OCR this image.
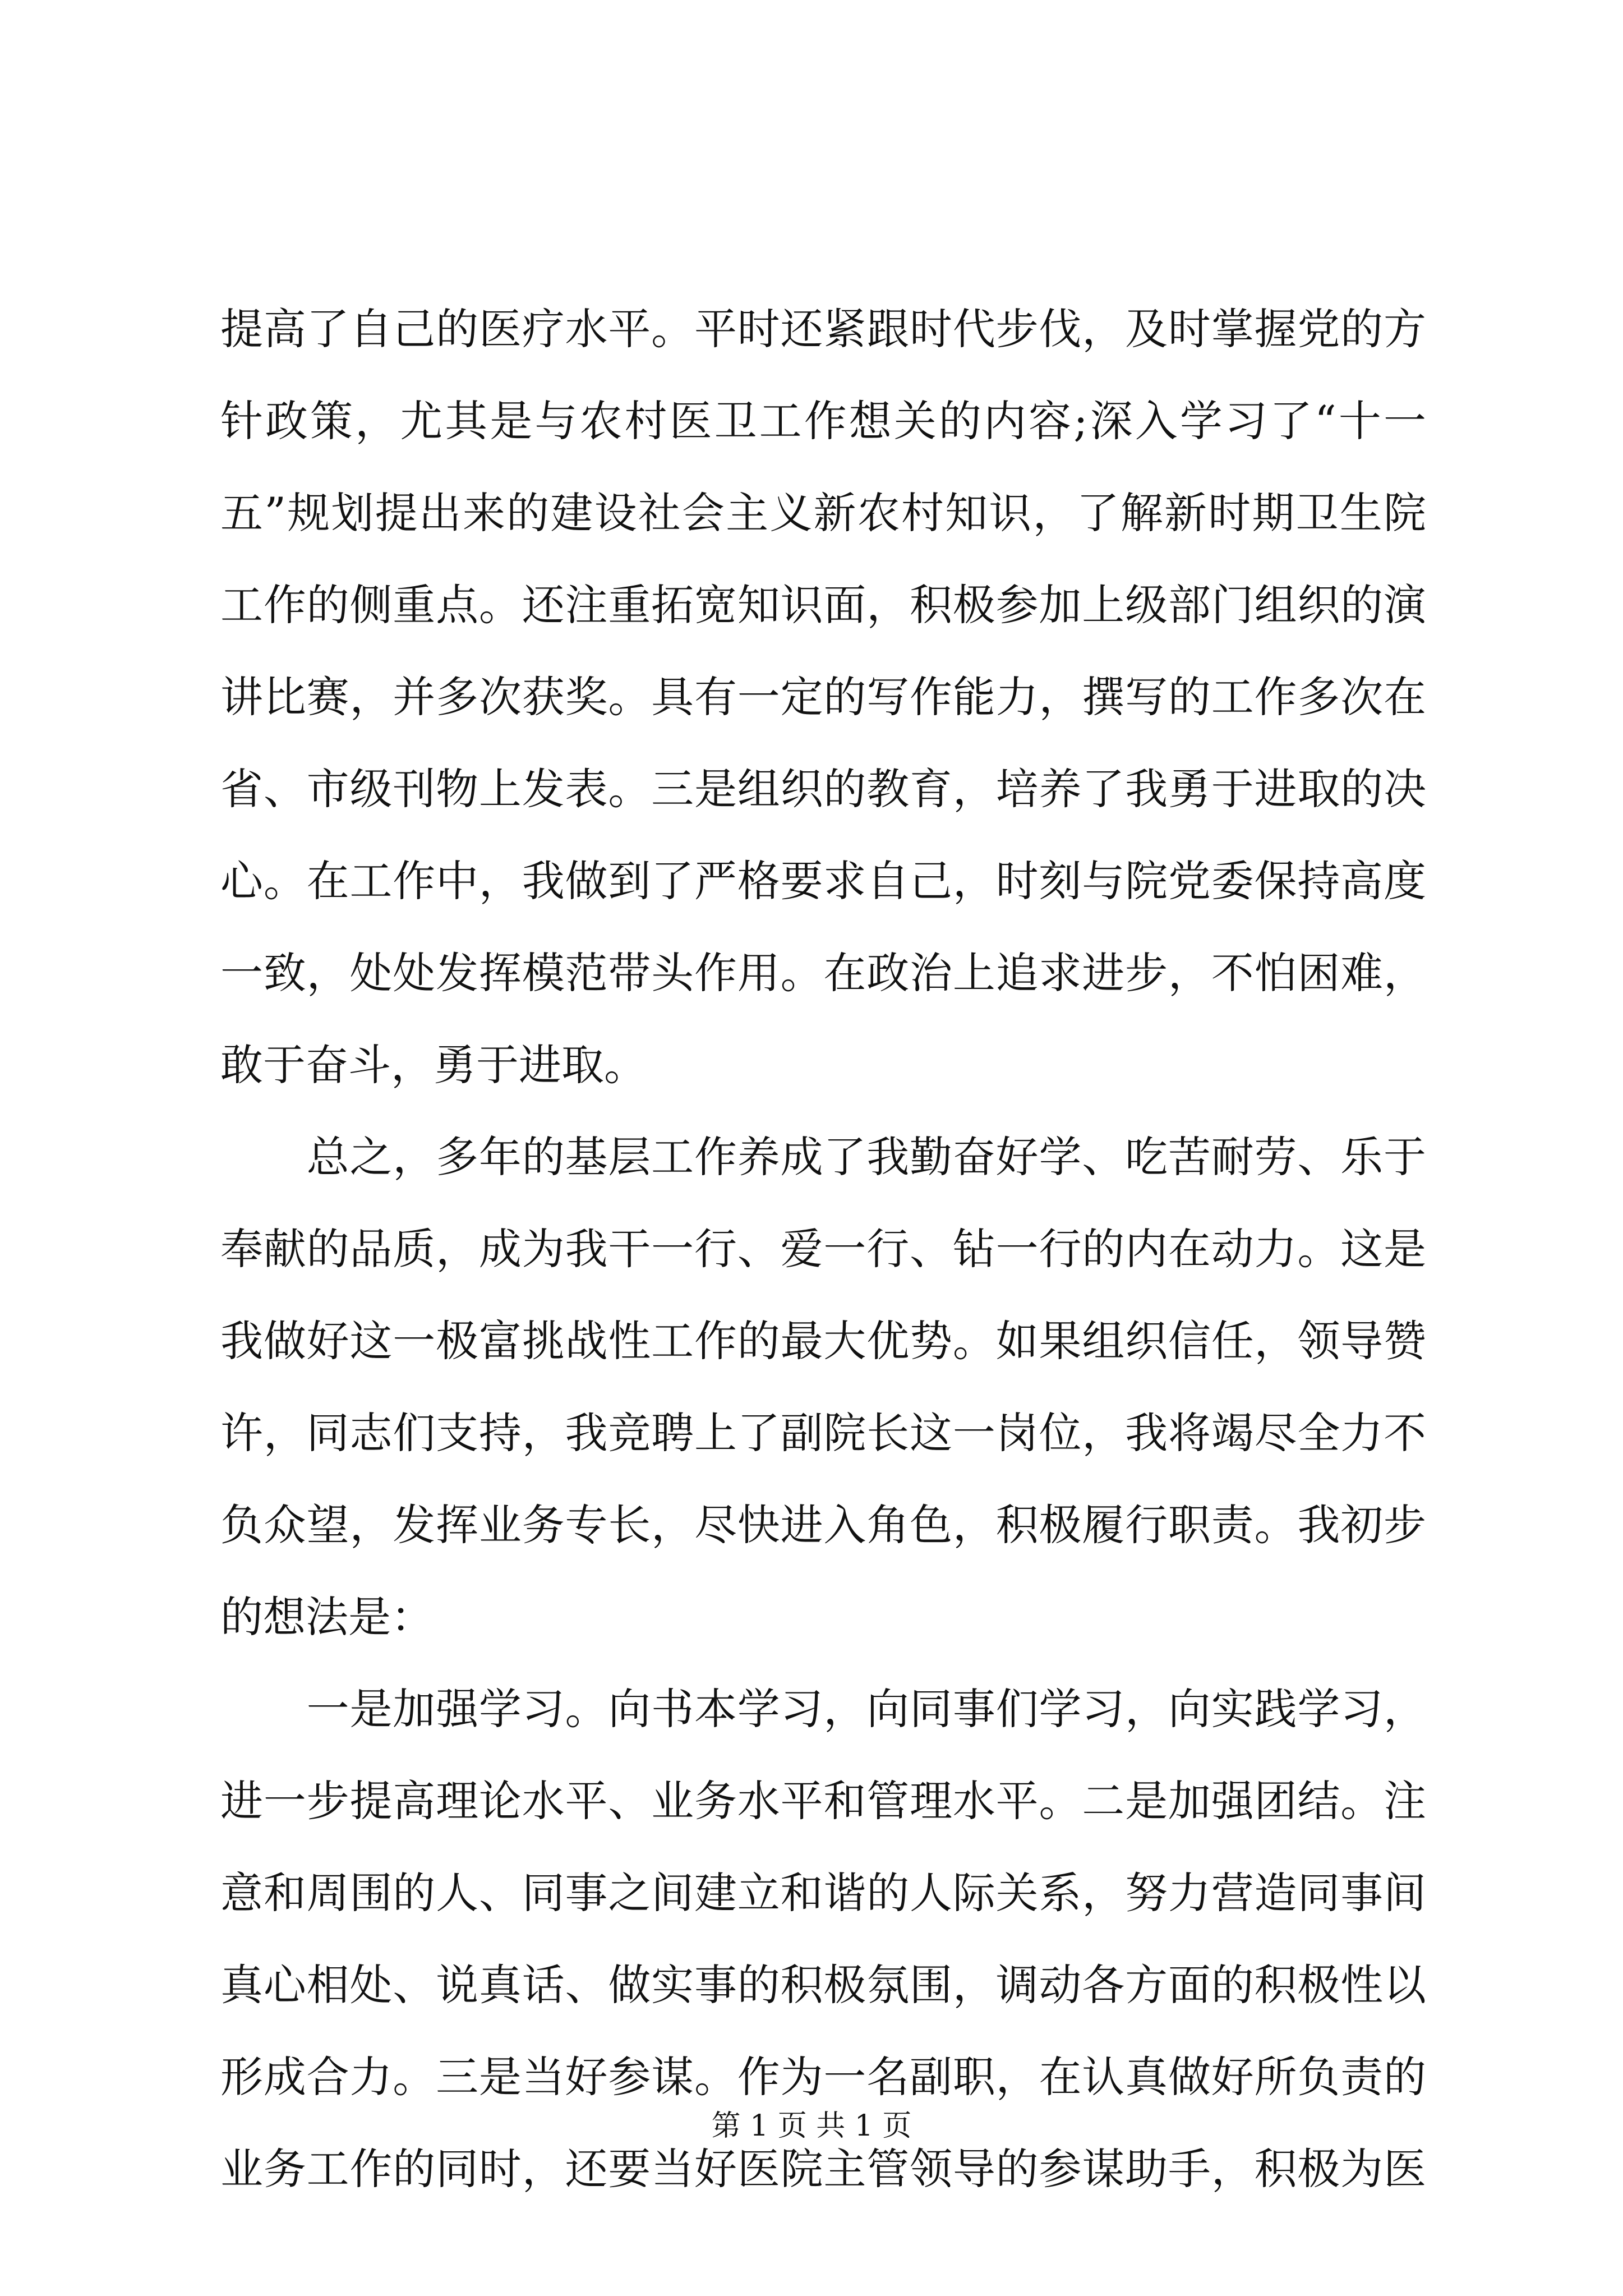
提高了自己的医疗水平。平时还紧跟时代步伐，及时掌握党的方
针政策，尤其是与农村医卫工作想关的内容;深入学习了“十一
五”规划提出来的建设社会主义新农村知识，了解新时期卫生院
工作的侧重点。还注重拓宽知识面，积极参加上级部门组织的演
讲比赛，并多次获奖。具有一定的写作能力，撰写的工作多次在
省、市级刊物上发表。三是组织的教育，培养了我勇于进取的决
心。在工作中，我做到了严格要求自己，时刻与院党委保持高度
一致，处处发挥模范带头作用。在政治上追求进步，不怕困难，
敢于奋斗，勇于进取。
　　总之，多年的基层工作养成了我勤奋好学、吃苦耐劳、乐于
奉献的品质，成为我干一行、爱一行、钻一行的内在动力。这是
我做好这一极富挑战性工作的最大优势。如果组织信任，领导赞
许，同志们支持，我竞聘上了副院长这一岗位，我将竭尽全力不
负众望，发挥业务专长，尽快进入角色，积极履行职责。我初步
的想法是：
　　一是加强学习。向书本学习，向同事们学习，向实践学习，
进一步提高理论水平、业务水平和管理水平。二是加强团结。注
意和周围的人、同事之间建立和谐的人际关系，努力营造同事间
真心相处、说真话、做实事的积极氛围，调动各方面的积极性以
形成合力。三是当好参谋。作为一名副职，在认真做好所负责的
业务工作的同时，还要当好医院主管领导的参谋助手，积极为医
第 1 页 共 1 页
